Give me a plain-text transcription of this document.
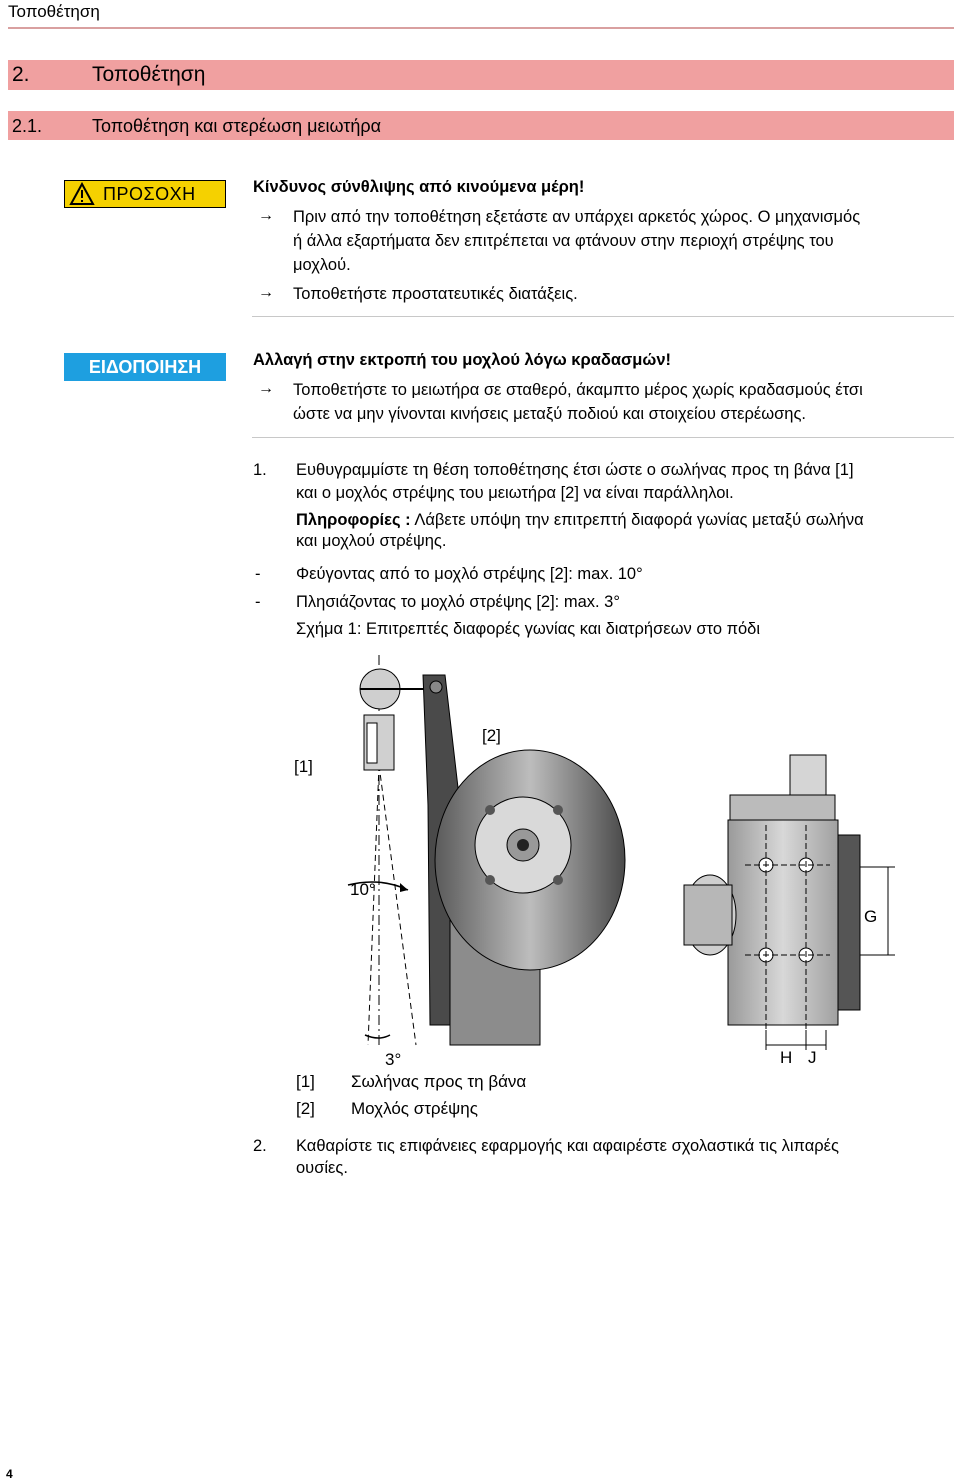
Τοποθέτηση
2.	Τοποθέτηση
2.1.	Τοποθέτηση και στερέωση μειωτήρα
ΠΡΟΣΟΧΗ	Κίνδυνος σύνθλιψης από κινούμενα μέρη!
→ Πριν από την τοποθέτηση εξετάστε αν υπάρχει αρκετός χώρος. Ο μηχανισμός
ή άλλα εξαρτήματα δεν επιτρέπεται να φτάνουν στην περιοχή στρέψης του
μοχλού.
→ Τοποθετήστε προστατευτικές διατάξεις.
ΕΙΔΟΠΟΙΗΣΗ	Αλλαγή στην εκτροπή του μοχλού λόγω κραδασμών!
→ Τοποθετήστε το μειωτήρα σε σταθερό, άκαμπτο μέρος χωρίς κραδασμούς έτσι
ώστε να μην γίνονται κινήσεις μεταξύ ποδιού και στοιχείου στερέωσης.
1. Ευθυγραμμίστε τη θέση τοποθέτησης έτσι ώστε ο σωλήνας προς τη βάνα [1]
και ο μοχλός στρέψης του μειωτήρα [2] να είναι παράλληλοι.
Πληροφορίες : Λάβετε υπόψη την επιτρεπτή διαφορά γωνίας μεταξύ σωλήνα
και μοχλού στρέψης.
- Φεύγοντας από το μοχλό στρέψης [2]: max. 10°
- Πλησιάζοντας το μοχλό στρέψης [2]: max. 3°
Σχήμα 1: Επιτρεπτές διαφορές γωνίας και διατρήσεων στο πόδι
[1]
[2]
10°
3°
G
H J
[1] Σωλήνας προς τη βάνα
[2] Μοχλός στρέψης
2. Καθαρίστε τις επιφάνειες εφαρμογής και αφαιρέστε σχολαστικά τις λιπαρές
ουσίες.
4
